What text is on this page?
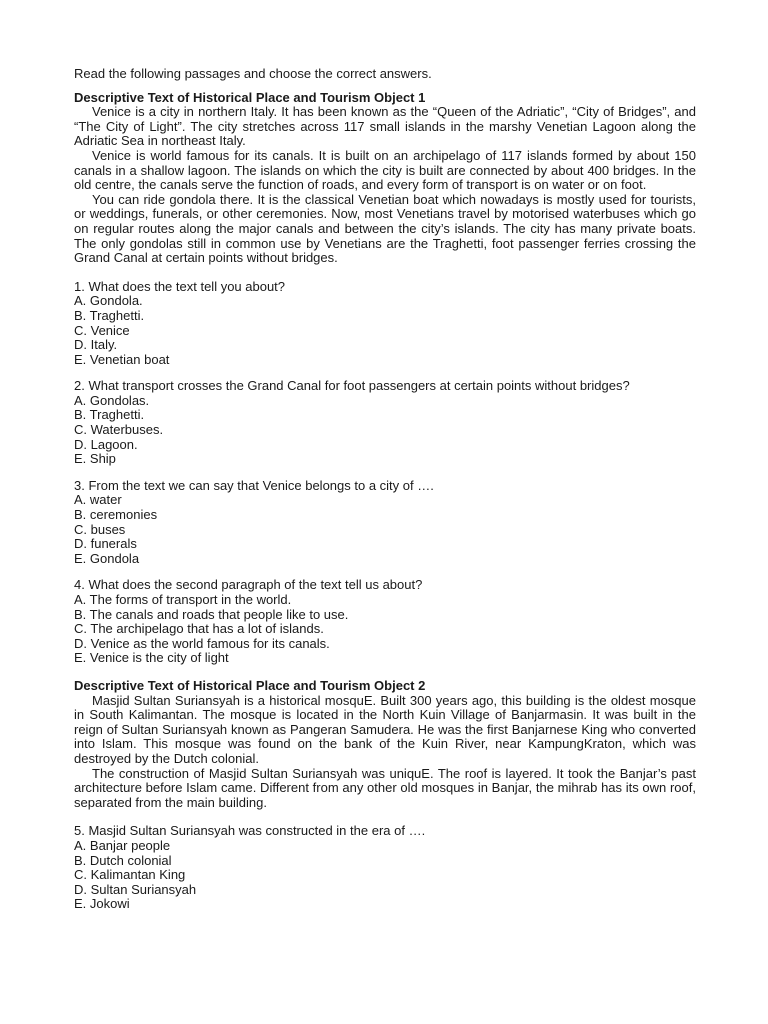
Read the following passages and choose the correct answers.

Descriptive Text of Historical Place and Tourism Object 1

Venice is a city in northern Italy. It has been known as the “Queen of the Adriatic”, “City of Bridges”, and “The City of Light”. The city stretches across 117 small islands in the marshy Venetian Lagoon along the Adriatic Sea in northeast Italy.

Venice is world famous for its canals. It is built on an archipelago of 117 islands formed by about 150 canals in a shallow lagoon. The islands on which the city is built are connected by about 400 bridges. In the old centre, the canals serve the function of roads, and every form of transport is on water or on foot.

You can ride gondola there. It is the classical Venetian boat which nowadays is mostly used for tourists, or weddings, funerals, or other ceremonies. Now, most Venetians travel by motorised waterbuses which go on regular routes along the major canals and between the city’s islands. The city has many private boats. The only gondolas still in common use by Venetians are the Traghetti, foot passenger ferries crossing the Grand Canal at certain points without bridges.

1. What does the text tell you about?

A. Gondola.
B. Traghetti.
C. Venice
D. Italy.
E. Venetian boat

2. What transport crosses the Grand Canal for foot passengers at certain points without bridges?

A. Gondolas.
B. Traghetti.
C. Waterbuses.
D. Lagoon.
E. Ship

3. From the text we can say that Venice belongs to a city of ….

A. water
B. ceremonies
C. buses
D. funerals
E. Gondola

4. What does the second paragraph of the text tell us about?

A. The forms of transport in the world.
B. The canals and roads that people like to use.
C. The archipelago that has a lot of islands.
D. Venice as the world famous for its canals.
E. Venice is the city of light

Descriptive Text of Historical Place and Tourism Object 2

Masjid Sultan Suriansyah is a historical mosquE. Built 300 years ago, this building is the oldest mosque in South Kalimantan. The mosque is located in the North Kuin Village of Banjarmasin. It was built in the reign of Sultan Suriansyah known as Pangeran Samudera. He was the first Banjarnese King who converted into Islam. This mosque was found on the bank of the Kuin River, near KampungKraton, which was destroyed by the Dutch colonial.

The construction of Masjid Sultan Suriansyah was uniquE. The roof is layered. It took the Banjar’s past architecture before Islam came. Different from any other old mosques in Banjar, the mihrab has its own roof, separated from the main building.

5. Masjid Sultan Suriansyah was constructed in the era of ….

A. Banjar people
B. Dutch colonial
C. Kalimantan King
D. Sultan Suriansyah
E. Jokowi
